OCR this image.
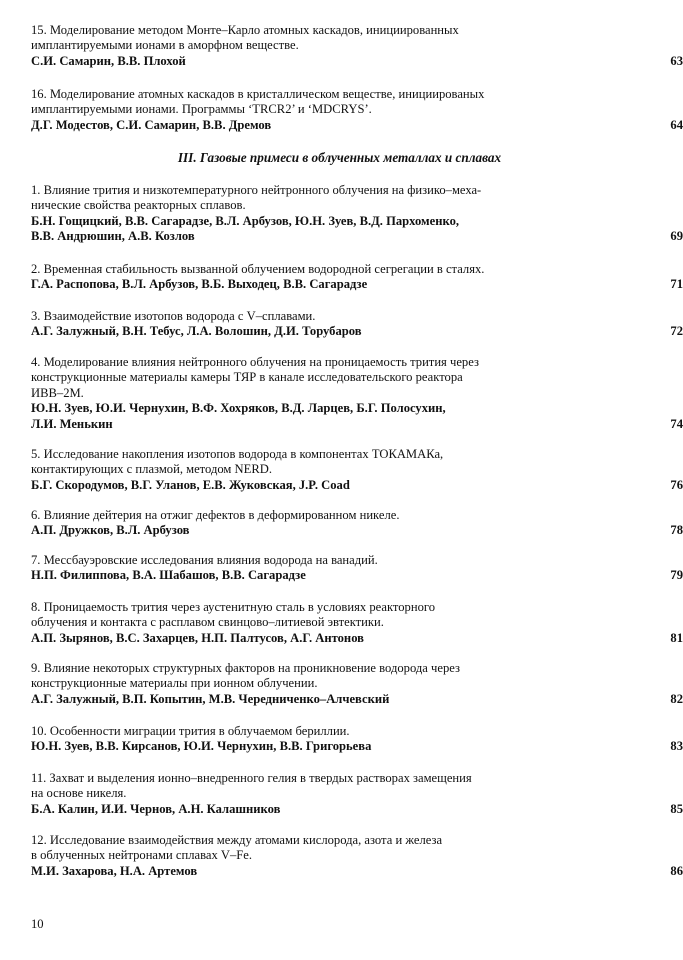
15. Моделирование методом Монте–Карло атомных каскадов, инициированных
имплантируемыми ионами в аморфном веществе.
С.И. Самарин, В.В. Плохой	63
16. Моделирование атомных каскадов в кристаллическом веществе, инициированых
имплантируемыми ионами. Программы ‘TRCR2’ и ‘MDCRYS’.
Д.Г. Модестов, С.И. Самарин, В.В. Дремов	64
III. Газовые примеси в облученных металлах и сплавах
1. Влияние трития и низкотемпературного нейтронного облучения на физико–меха-
нические свойства реакторных сплавов.
Б.Н. Гощицкий, В.В. Сагарадзе, В.Л. Арбузов, Ю.Н. Зуев, В.Д. Пархоменко,
В.В. Андрюшин, А.В. Козлов	69
2. Временная стабильность вызванной облучением водородной сегрегации в сталях.
Г.А. Распопова, В.Л. Арбузов, В.Б. Выходец, В.В. Сагарадзе	71
3. Взаимодействие изотопов водорода с V–сплавами.
А.Г. Залужный, В.Н. Тебус, Л.А. Волошин, Д.И. Торубаров	72
4. Моделирование влияния нейтронного облучения на проницаемость трития через
конструкционные материалы камеры ТЯР в канале исследовательского реактора
ИВВ–2М.
Ю.Н. Зуев, Ю.И. Чернухин, В.Ф. Хохряков, В.Д. Ларцев, Б.Г. Полосухин,
Л.И. Менькин	74
5. Исследование накопления изотопов водорода в компонентах ТОКАМАКа,
контактирующих с плазмой, методом NERD.
Б.Г. Скородумов, В.Г. Уланов, Е.В. Жуковская, J.P. Coad	76
6. Влияние дейтерия на отжиг дефектов в деформированном никеле.
А.П. Дружков, В.Л. Арбузов	78
7. Мессбауэровские исследования влияния водорода на ванадий.
Н.П. Филиппова, В.А. Шабашов, В.В. Сагарадзе	79
8. Проницаемость трития через аустенитную сталь в условиях реакторного
облучения и контакта с расплавом свинцово–литиевой эвтектики.
А.П. Зырянов, В.С. Захарцев, Н.П. Палтусов, А.Г. Антонов	81
9. Влияние некоторых структурных факторов на проникновение водорода через
конструкционные материалы при ионном облучении.
А.Г. Залужный, В.П. Копытин, М.В. Чередниченко–Алчевский	82
10. Особенности миграции трития в облучаемом бериллии.
Ю.Н. Зуев, В.В. Кирсанов, Ю.И. Чернухин, В.В. Григорьева	83
11. Захват и выделения ионно–внедренного гелия в твердых растворах замещения
на основе никеля.
Б.А. Калин, И.И. Чернов, А.Н. Калашников	85
12. Исследование взаимодействия между атомами кислорода, азота и железа
в облученных нейтронами сплавах V–Fe.
М.И. Захарова, Н.А. Артемов	86
10
